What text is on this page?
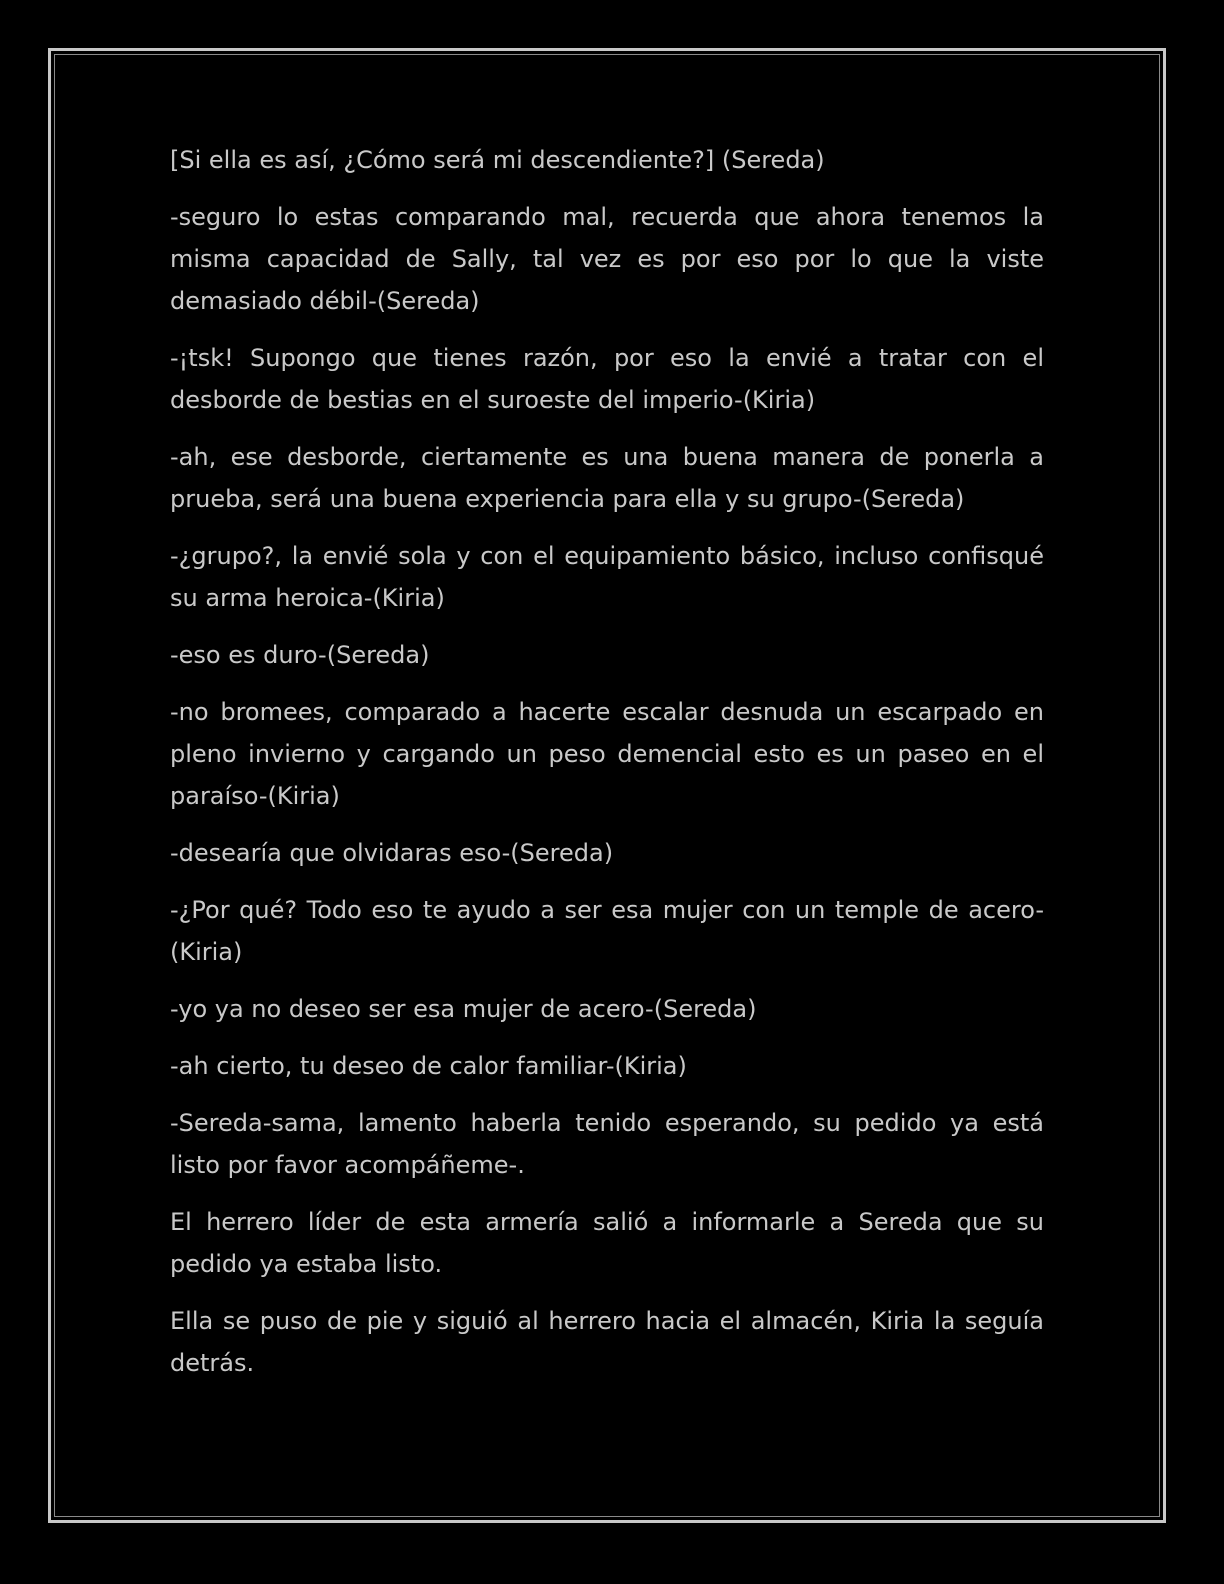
[Si ella es así, ¿Cómo será mi descendiente?] (Sereda)

-seguro lo estas comparando mal, recuerda que ahora tenemos la misma capacidad de Sally, tal vez es por eso por lo que la viste demasiado débil-(Sereda)

-¡tsk! Supongo que tienes razón, por eso la envié a tratar con el desborde de bestias en el suroeste del imperio-(Kiria)

-ah, ese desborde, ciertamente es una buena manera de ponerla a prueba, será una buena experiencia para ella y su grupo-(Sereda)

-¿grupo?, la envié sola y con el equipamiento básico, incluso confisqué su arma heroica-(Kiria)

-eso es duro-(Sereda)

-no bromees, comparado a hacerte escalar desnuda un escarpado en pleno invierno y cargando un peso demencial esto es un paseo en el paraíso-(Kiria)

-desearía que olvidaras eso-(Sereda)

-¿Por qué? Todo eso te ayudo a ser esa mujer con un temple de acero-(Kiria)

-yo ya no deseo ser esa mujer de acero-(Sereda)

-ah cierto, tu deseo de calor familiar-(Kiria)

-Sereda-sama, lamento haberla tenido esperando, su pedido ya está listo por favor acompáñeme-.

El herrero líder de esta armería salió a informarle a Sereda que su pedido ya estaba listo.

Ella se puso de pie y siguió al herrero hacia el almacén, Kiria la seguía detrás.
